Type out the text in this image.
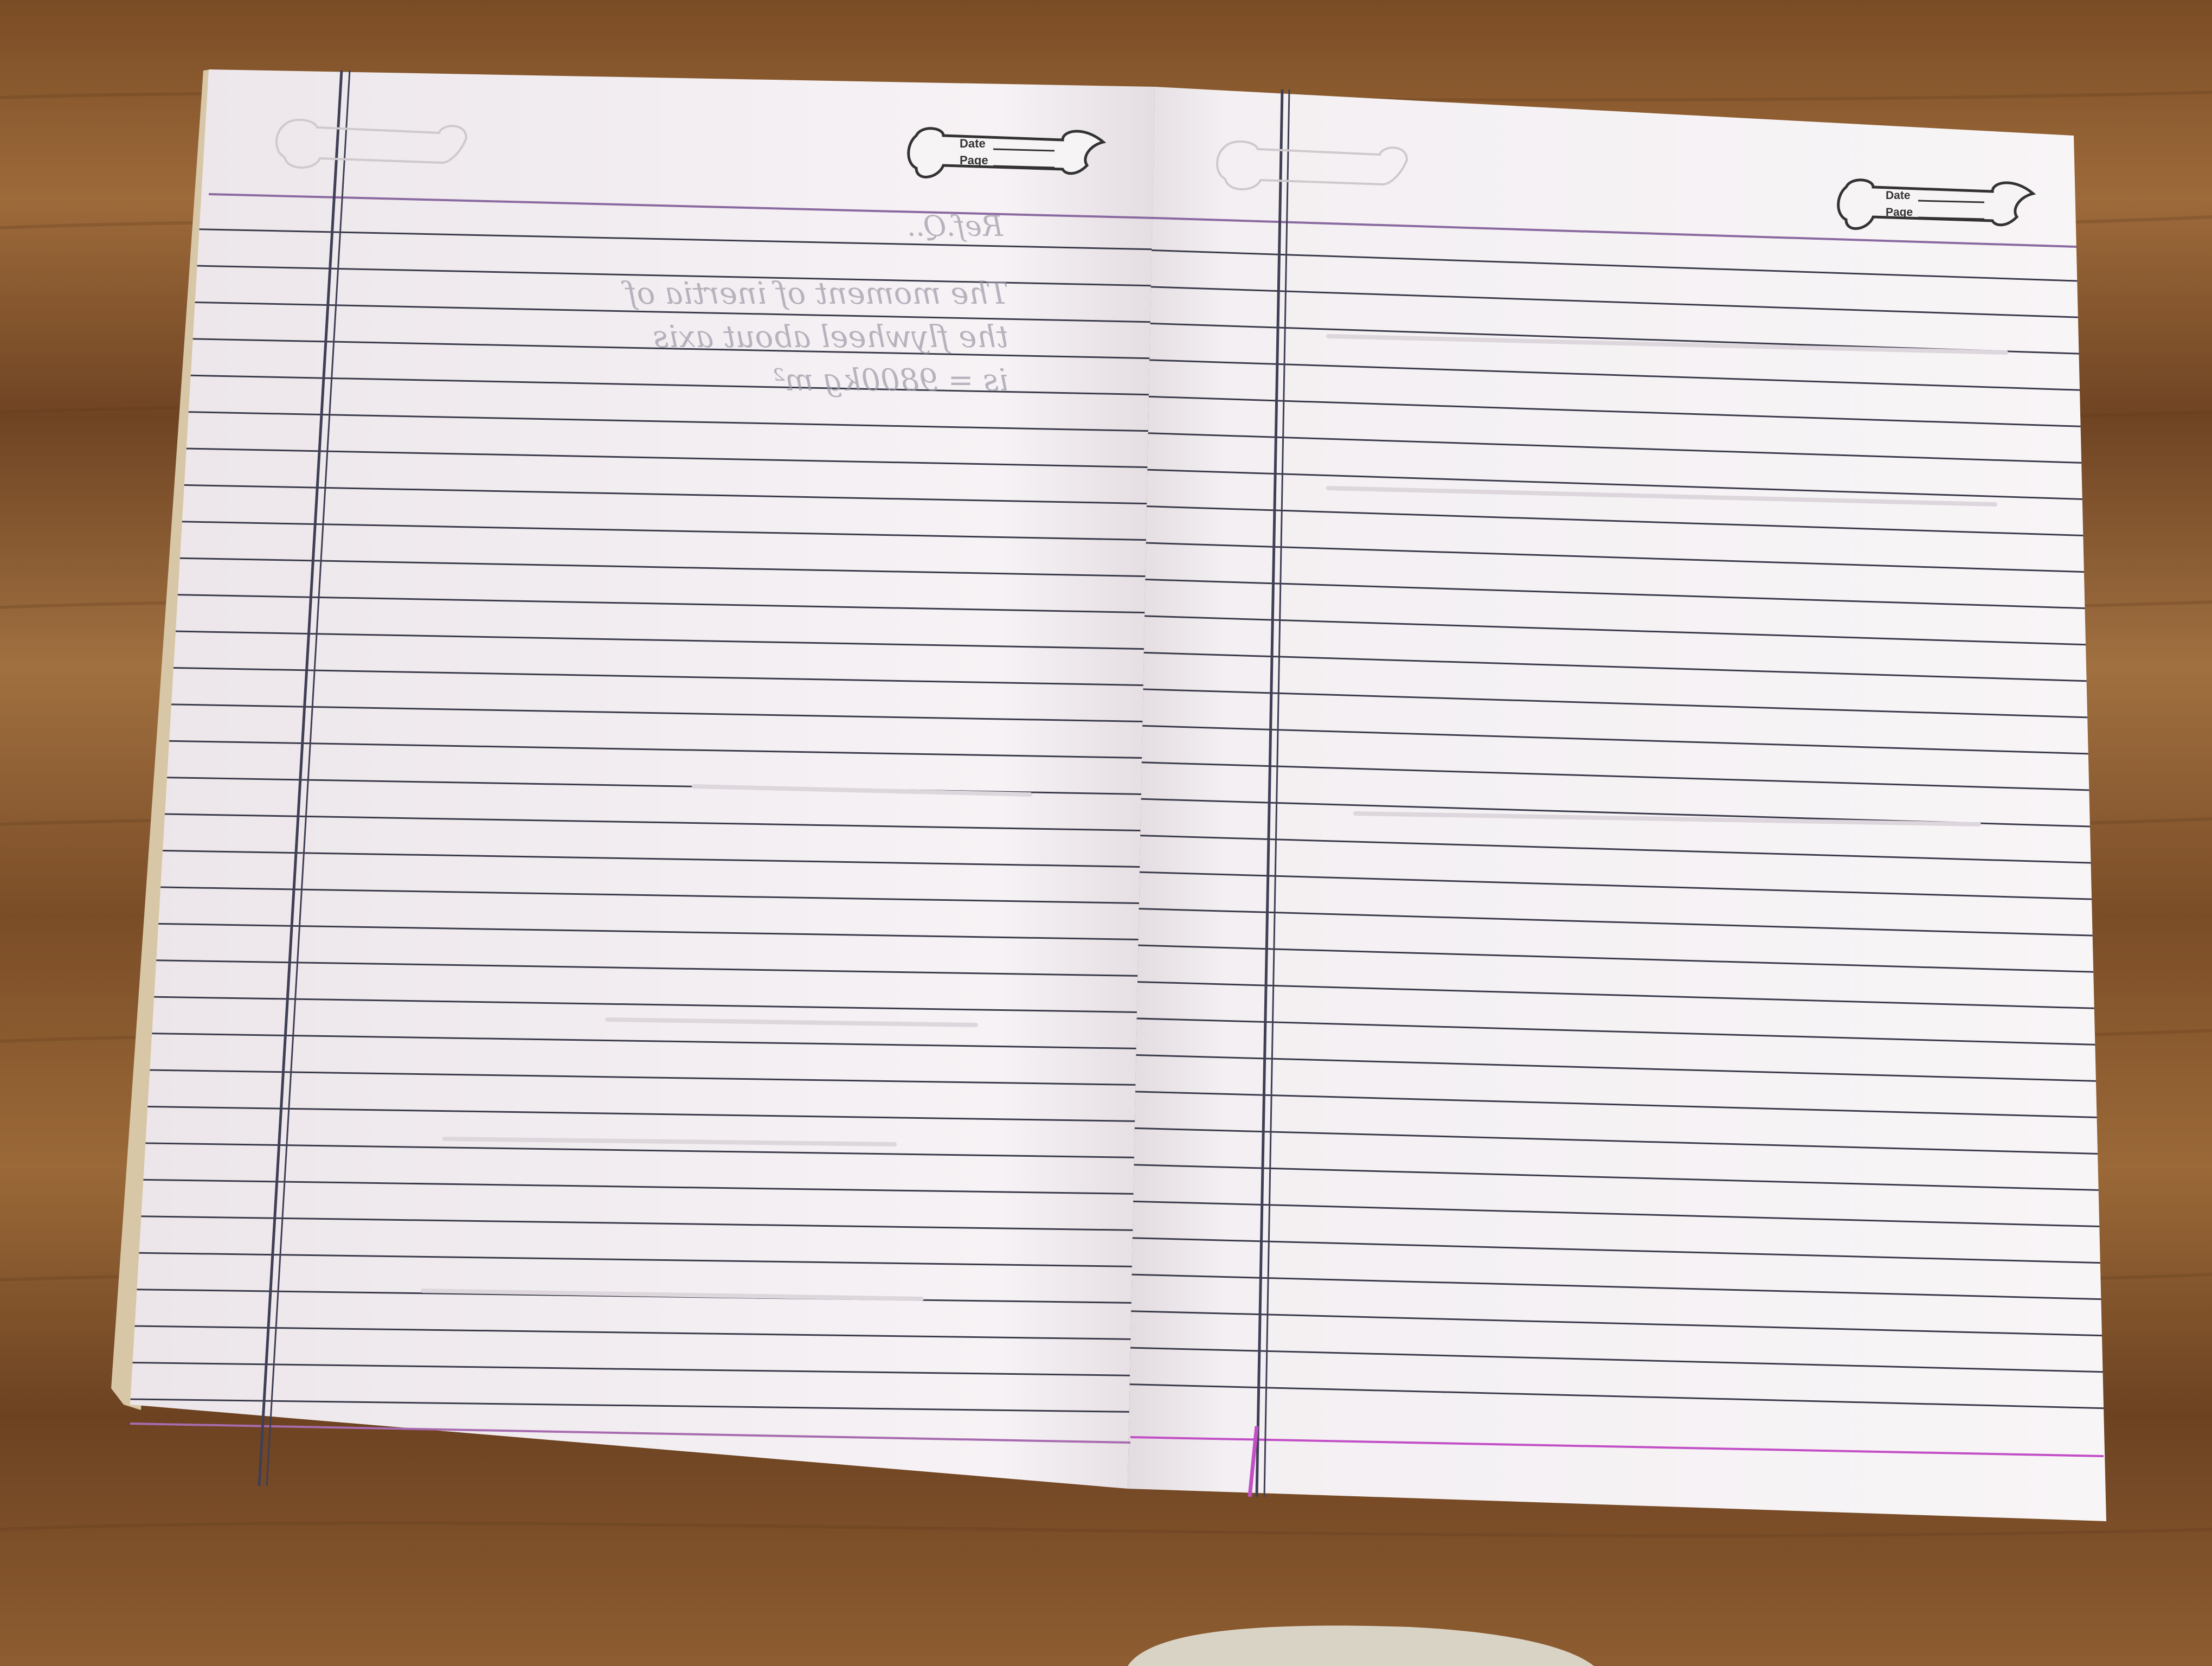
Date
Page
Date
Page
Ref.Q..
The moment of inertia of
the flywheel about axis
is = 9800kg m²
